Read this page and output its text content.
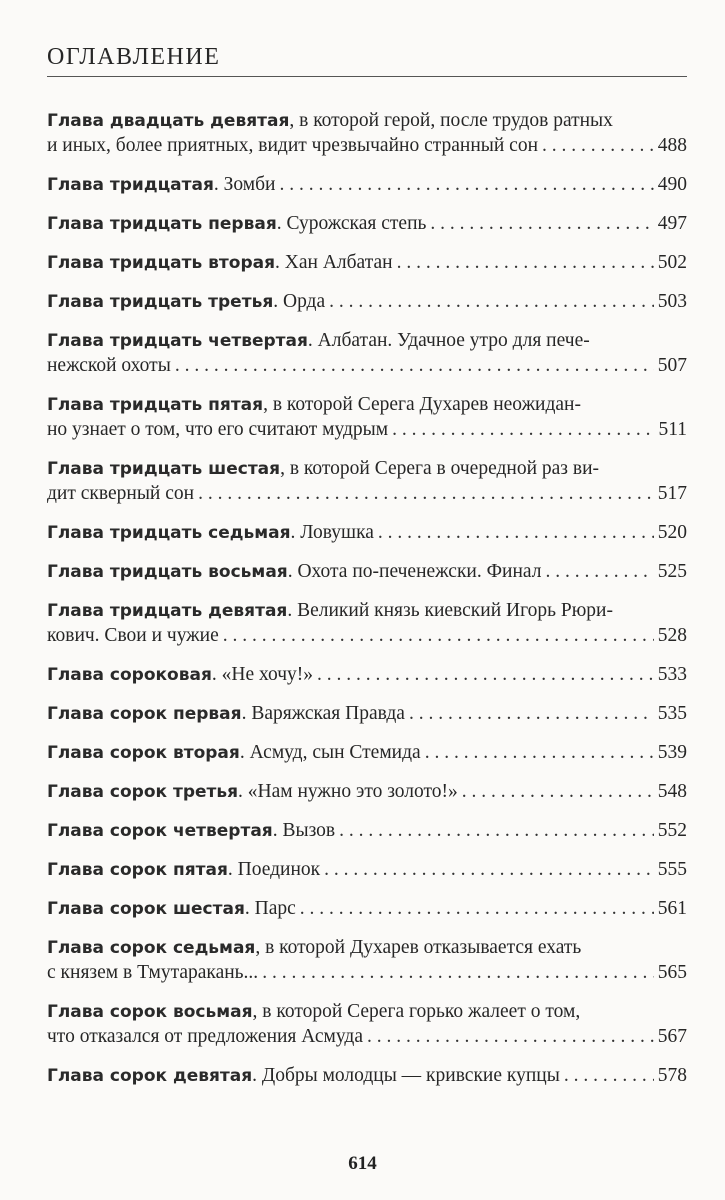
ОГЛАВЛЕНИЕ
Глава двадцать девятая, в которой герой, после трудов ратных
и иных, более приятных, видит чрезвычайно странный сон . . .	488
Глава тридцатая . Зомби . . .	490
Глава тридцать первая . Сурожская степь . . .	497
Глава тридцать вторая . Хан Албатан . . .	502
Глава тридцать третья . Орда . . .	503
Глава тридцать четвертая. Албатан. Удачное утро для пече-
нежской охоты . . .	507
Глава тридцать пятая, в которой Серега Духарев неожидан-
но узнает о том, что его считают мудрым . . .	511
Глава тридцать шестая, в которой Серега в очередной раз ви-
дит скверный сон . . .	517
Глава тридцать седьмая . Ловушка . . .	520
Глава тридцать восьмая . Охота по-печенежски. Финал . . .	525
Глава тридцать девятая. Великий князь киевский Игорь Рюри-
кович. Свои и чужие . . .	528
Глава сороковая . «Не хочу!» . . .	533
Глава сорок первая . Варяжская Правда . . .	535
Глава сорок вторая . Асмуд, сын Стемида . . .	539
Глава сорок третья . «Нам нужно это золото!» . . .	548
Глава сорок четвертая . Вызов . . .	552
Глава сорок пятая . Поединок . . .	555
Глава сорок шестая . Парс . . .	561
Глава сорок седьмая, в которой Духарев отказывается ехать
с князем в Тмутаракань... . . .	565
Глава сорок восьмая, в которой Серега горько жалеет о том,
что отказался от предложения Асмуда . . .	567
Глава сорок девятая . Добры молодцы — кривские купцы . . .	578
614
